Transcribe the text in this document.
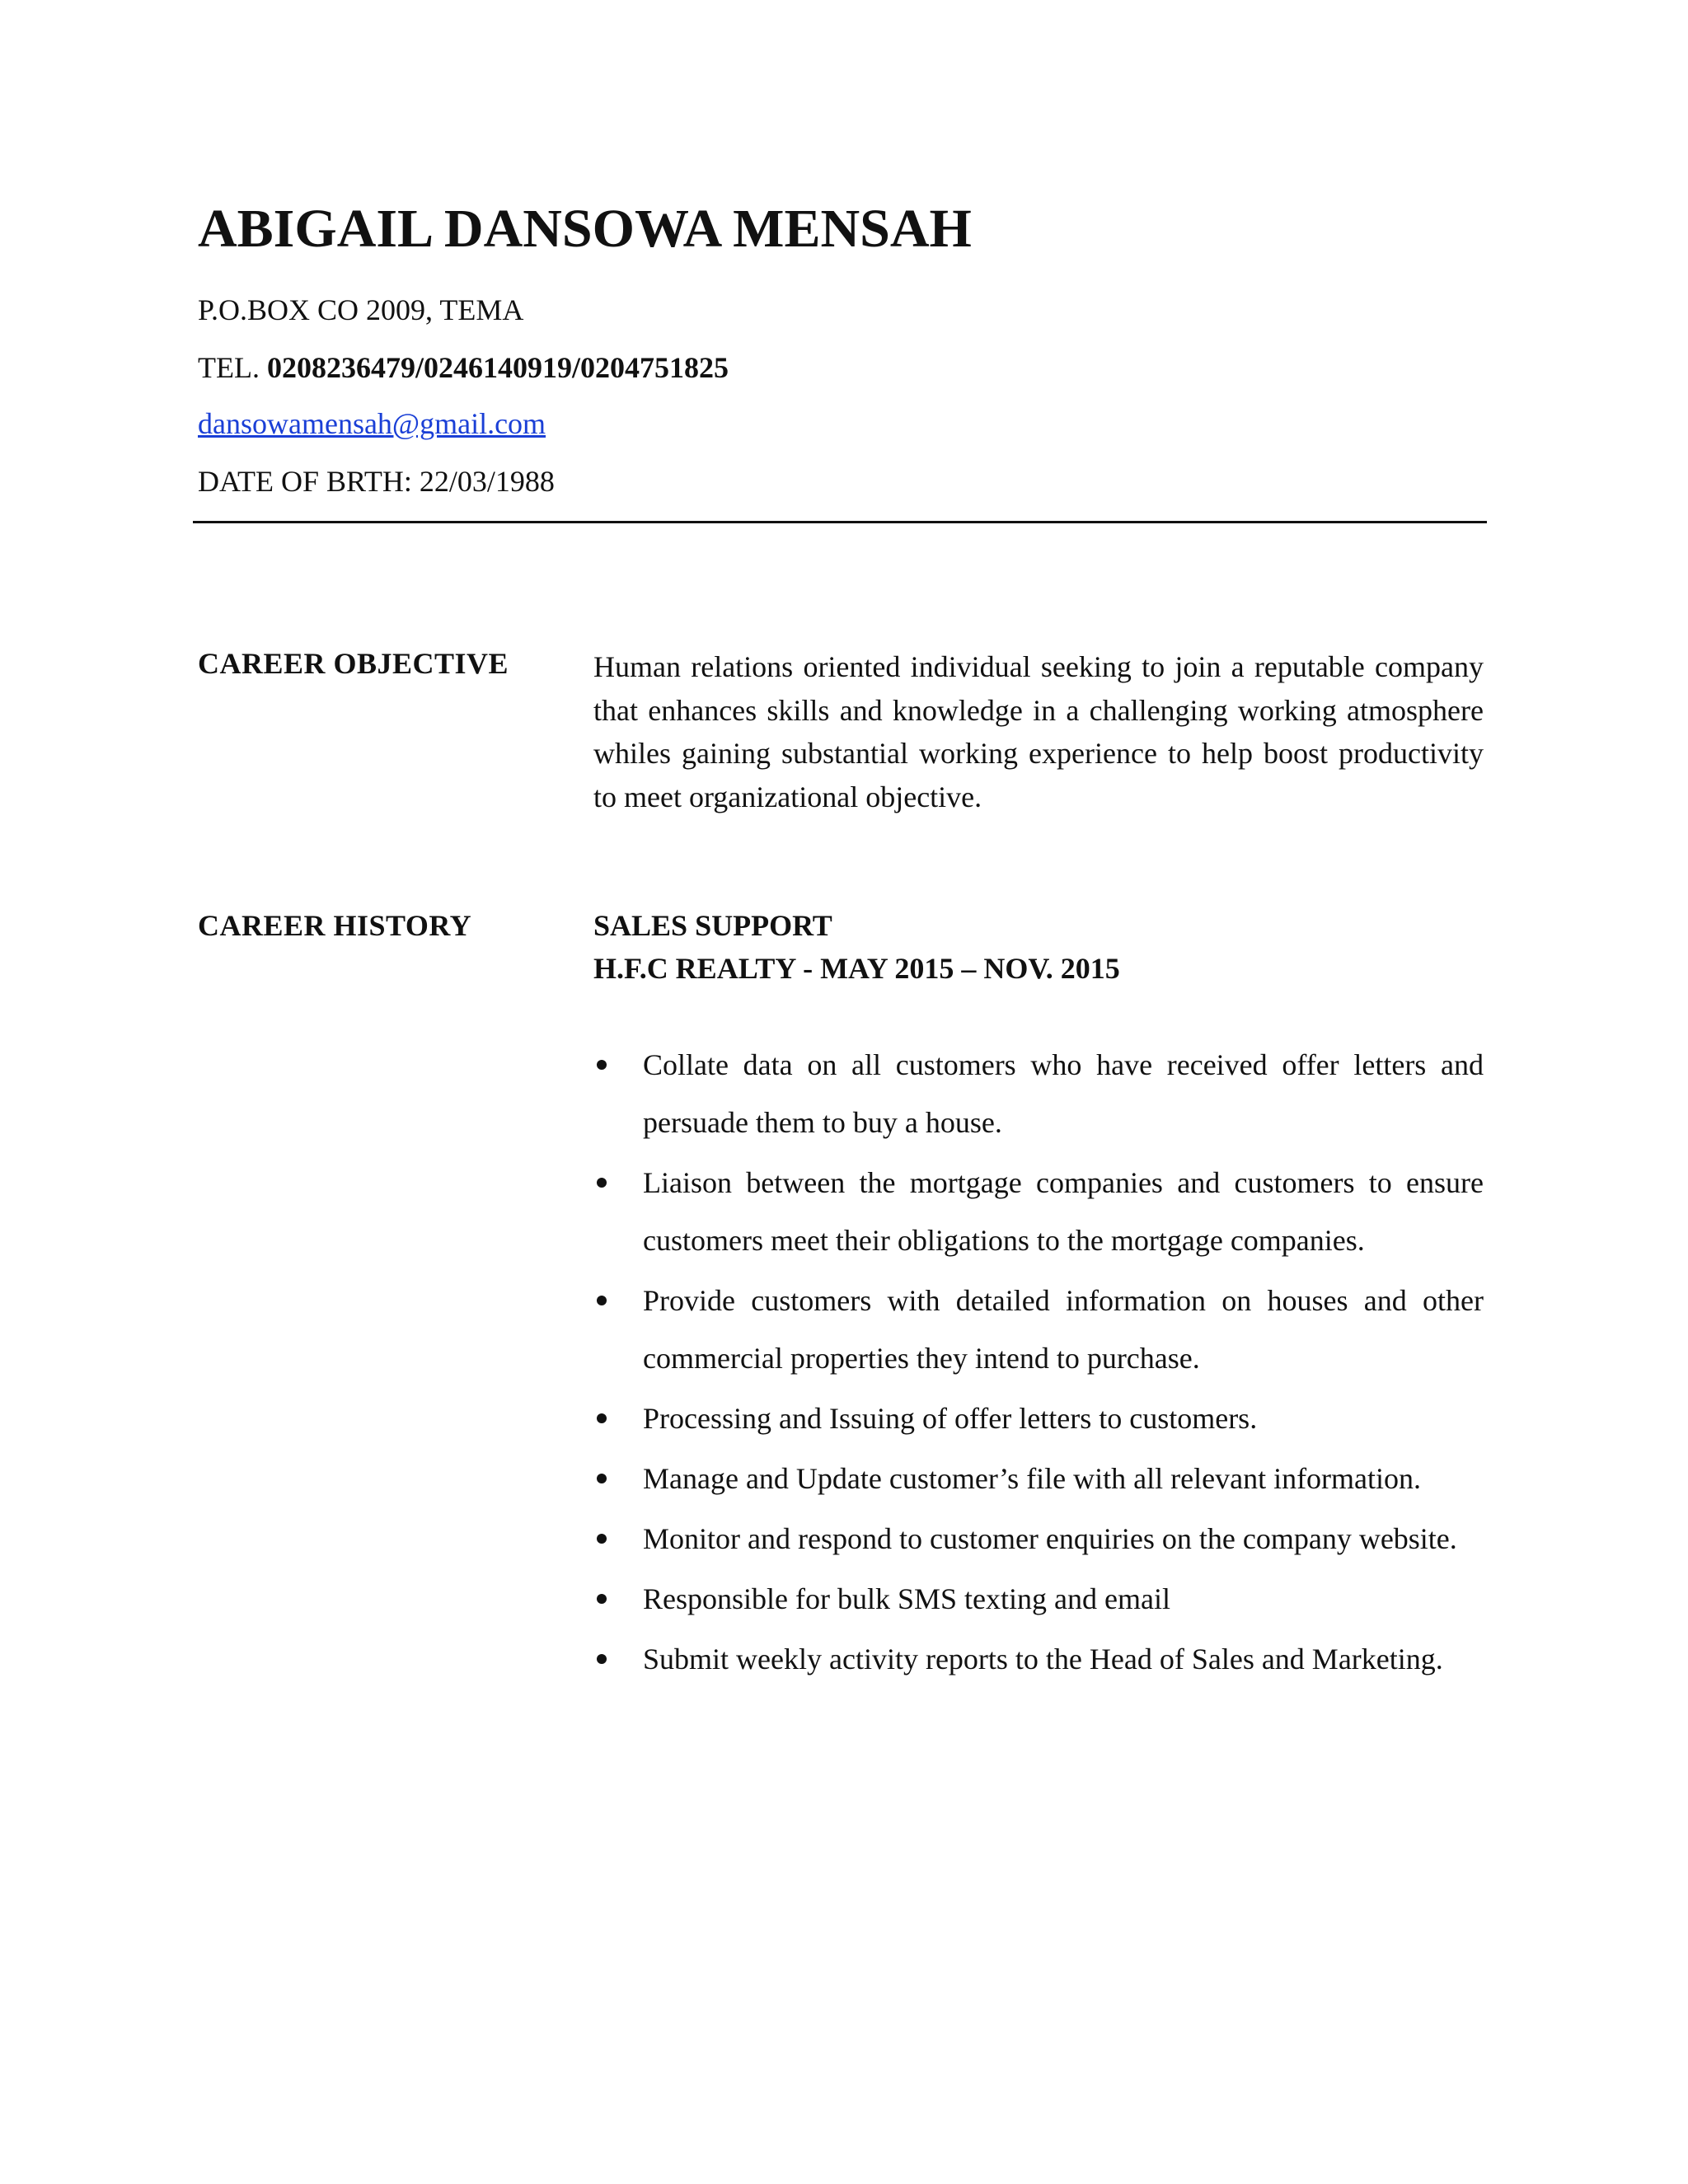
ABIGAIL DANSOWA MENSAH
P.O.BOX CO 2009, TEMA
TEL. 0208236479/0246140919/0204751825
dansowamensah@gmail.com
DATE OF BRTH: 22/03/1988
CAREER OBJECTIVE	Human relations oriented individual seeking to join a reputable company that enhances skills and knowledge in a challenging working atmosphere whiles gaining substantial working experience to help boost productivity to meet organizational objective.

CAREER HISTORY	SALES SUPPORT
H.F.C REALTY - MAY 2015 – NOV. 2015
Collate data on all customers who have received offer letters and persuade them to buy a house.
Liaison between the mortgage companies and customers to ensure customers meet their obligations to the mortgage companies.
Provide customers with detailed information on houses and other commercial properties they intend to purchase.
Processing and Issuing of offer letters to customers.
Manage and Update customer’s file with all relevant information.
Monitor and respond to customer enquiries on the company website.
Responsible for bulk SMS texting and email
Submit weekly activity reports to the Head of Sales and Marketing.
